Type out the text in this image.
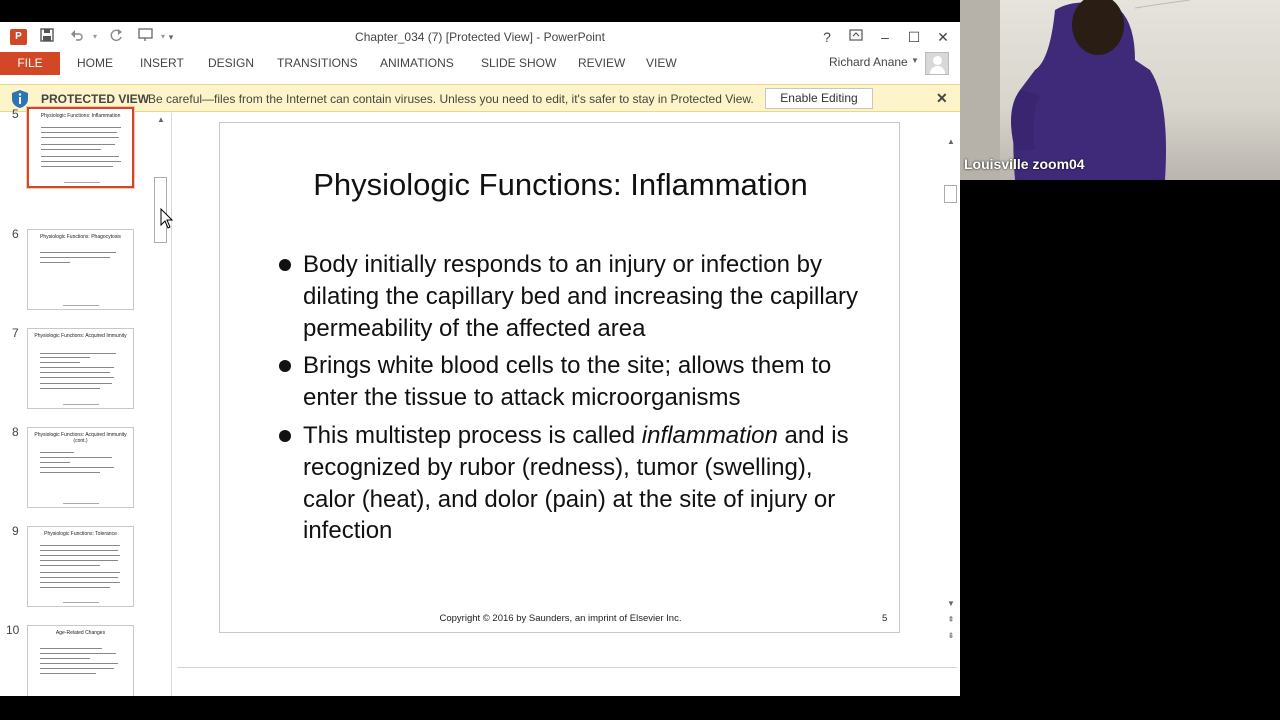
P	▾	▾ ▾	Chapter_034 (7) [Protected View] - PowerPoint	?	–	☐ ✕
FILE	HOME INSERT DESIGN TRANSITIONS ANIMATIONS SLIDE SHOW REVIEW VIEW	Richard Anane ▼
PROTECTED VIEW
Be careful—files from the Internet can contain viruses. Unless you need to edit, it's safer to stay in Protected View.	Enable Editing	✕
5	Physiologic Functions: Inflammation
6	Physiologic Functions: Phagocytosis
7	Physiologic Functions: Acquired Immunity
8	Physiologic Functions: Acquired Immunity (cont.)
9	Physiologic Functions: Tolerance
10	Age-Related Changes
▲
Physiologic Functions: Inflammation
Body initially responds to an injury or infection by dilating the capillary bed and increasing the capillary permeability of the affected area
Brings white blood cells to the site; allows them to enter the tissue to attack microorganisms
This multistep process is called inflammation and is recognized by rubor (redness), tumor (swelling), calor (heat), and dolor (pain) at the site of injury or infection
Copyright © 2016 by Saunders, an imprint of Elsevier Inc.	5
▲
▼
⇞
⇟
Louisville zoom04
